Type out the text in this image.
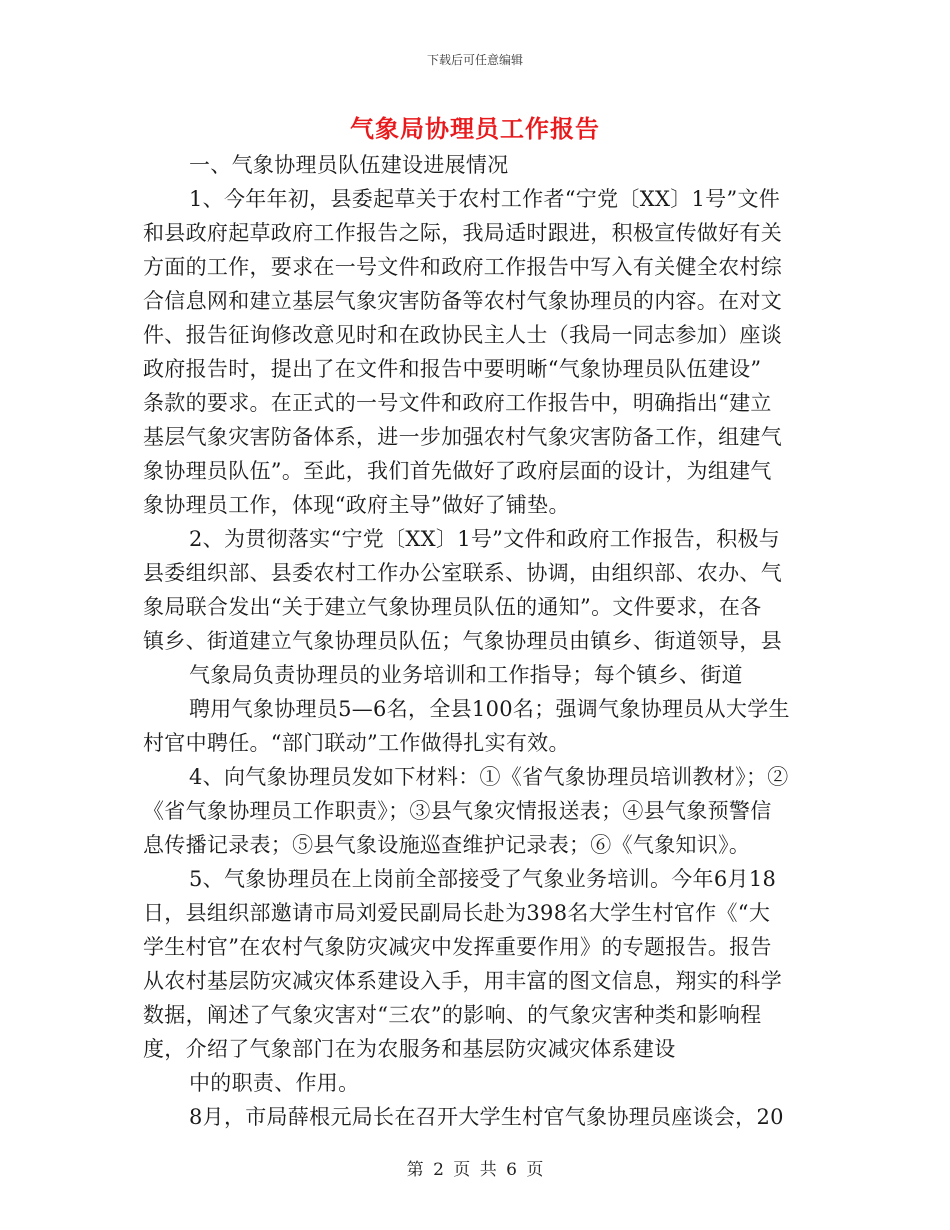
下载后可任意编辑
气象局协理员工作报告
一、气象协理员队伍建设进展情况
1、今年年初，县委起草关于农村工作者“宁党〔XX〕1号”文件
和县政府起草政府工作报告之际，我局适时跟进，积极宣传做好有关
方面的工作，要求在一号文件和政府工作报告中写入有关健全农村综
合信息网和建立基层气象灾害防备等农村气象协理员的内容。在对文
件、报告征询修改意见时和在政协民主人士（我局一同志参加）座谈
政府报告时，提出了在文件和报告中要明晰“气象协理员队伍建设”
条款的要求。在正式的一号文件和政府工作报告中，明确指出“建立
基层气象灾害防备体系，进一步加强农村气象灾害防备工作，组建气
象协理员队伍”。至此，我们首先做好了政府层面的设计，为组建气
象协理员工作，体现“政府主导”做好了铺垫。
2、为贯彻落实“宁党〔XX〕1号”文件和政府工作报告，积极与
县委组织部、县委农村工作办公室联系、协调，由组织部、农办、气
象局联合发出“关于建立气象协理员队伍的通知”。文件要求，在各
镇乡、街道建立气象协理员队伍；气象协理员由镇乡、街道领导，县
气象局负责协理员的业务培训和工作指导；每个镇乡、街道
聘用气象协理员5—6名，全县100名；强调气象协理员从大学生
村官中聘任。“部门联动”工作做得扎实有效。
4、向气象协理员发如下材料：①《省气象协理员培训教材》；②
《省气象协理员工作职责》；③县气象灾情报送表；④县气象预警信
息传播记录表；⑤县气象设施巡查维护记录表；⑥《气象知识》。
5、气象协理员在上岗前全部接受了气象业务培训。今年6月18
日，县组织部邀请市局刘爱民副局长赴为398名大学生村官作《“大
学生村官”在农村气象防灾减灾中发挥重要作用》的专题报告。报告
从农村基层防灾减灾体系建设入手，用丰富的图文信息，翔实的科学
数据，阐述了气象灾害对“三农”的影响、的气象灾害种类和影响程
度，介绍了气象部门在为农服务和基层防灾减灾体系建设
中的职责、作用。
8月，市局薛根元局长在召开大学生村官气象协理员座谈会，20
第 2 页 共 6 页
